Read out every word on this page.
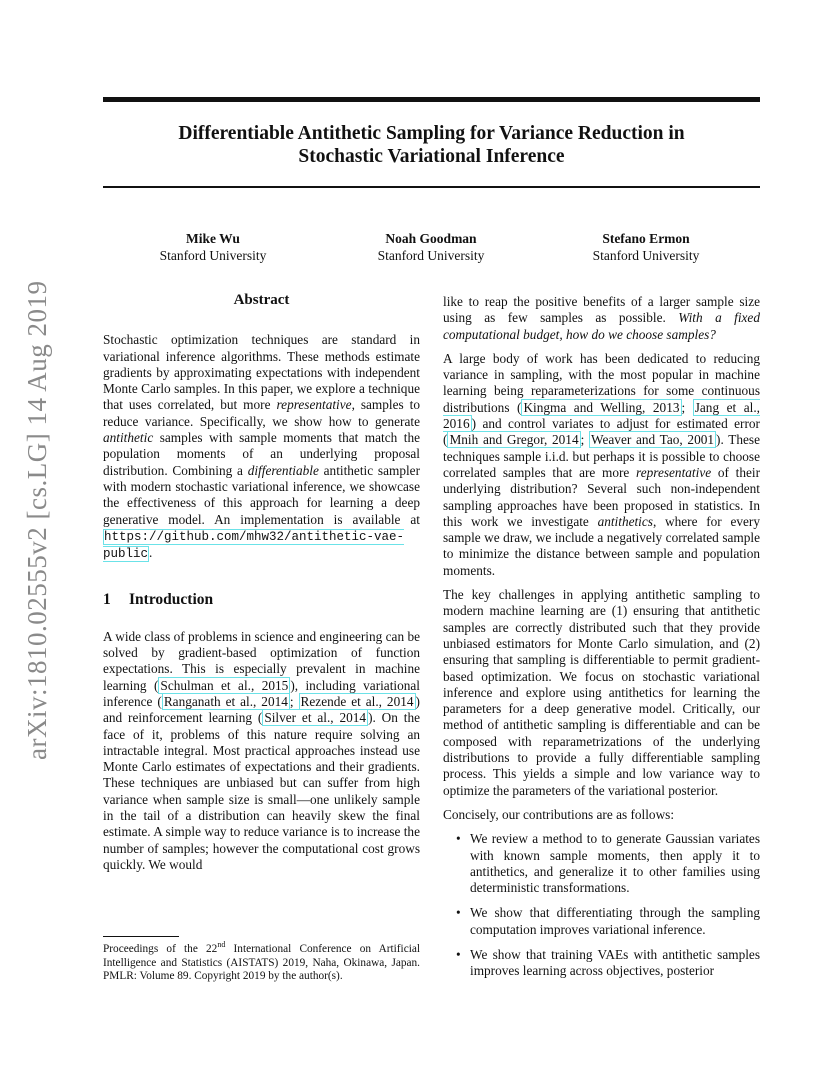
Differentiable Antithetic Sampling for Variance Reduction in
Stochastic Variational Inference
Mike Wu
Stanford University
Noah Goodman
Stanford University
Stefano Ermon
Stanford University
arXiv:1810.02555v2 [cs.LG] 14 Aug 2019	Abstract

Stochastic optimization techniques are standard in variational inference algorithms. These methods estimate gradients by approximating expectations with independent Monte Carlo samples. In this paper, we explore a technique that uses correlated, but more representative, samples to reduce variance. Specifically, we show how to generate antithetic samples with sample moments that match the population moments of an underlying proposal distribution. Combining a differentiable antithetic sampler with modern stochastic variational inference, we showcase the effectiveness of this approach for learning a deep generative model. An implementation is available at https://github.com/mhw32/antithetic-vae-public.

1 Introduction

A wide class of problems in science and engineering can be solved by gradient-based optimization of function expectations. This is especially prevalent in machine learning ( Schulman et al., 2015 ), including variational inference ( Ranganath et al., 2014 ; Rezende et al., 2014 ) and reinforcement learning ( Silver et al., 2014 ). On the face of it, problems of this nature require solving an intractable integral. Most practical approaches instead use Monte Carlo estimates of expectations and their gradients. These techniques are unbiased but can suffer from high variance when sample size is small—one unlikely sample in the tail of a distribution can heavily skew the final estimate. A simple way to reduce variance is to increase the number of samples; however the computational cost grows quickly. We would

Proceedings of the 22nd International Conference on Artificial Intelligence and Statistics (AISTATS) 2019, Naha, Okinawa, Japan. PMLR: Volume 89. Copyright 2019 by the author(s).

like to reap the positive benefits of a larger sample size using as few samples as possible. With a fixed computational budget, how do we choose samples?

A large body of work has been dedicated to reducing variance in sampling, with the most popular in machine learning being reparameterizations for some continuous distributions ( Kingma and Welling, 2013 ; Jang et al., 2016 ) and control variates to adjust for estimated error ( Mnih and Gregor, 2014 ; Weaver and Tao, 2001 ). These techniques sample i.i.d. but perhaps it is possible to choose correlated samples that are more representative of their underlying distribution? Several such non-independent sampling approaches have been proposed in statistics. In this work we investigate antithetics, where for every sample we draw, we include a negatively correlated sample to minimize the distance between sample and population moments.

The key challenges in applying antithetic sampling to modern machine learning are (1) ensuring that antithetic samples are correctly distributed such that they provide unbiased estimators for Monte Carlo simulation, and (2) ensuring that sampling is differentiable to permit gradient-based optimization. We focus on stochastic variational inference and explore using antithetics for learning the parameters for a deep generative model. Critically, our method of antithetic sampling is differentiable and can be composed with reparametrizations of the underlying distributions to provide a fully differentiable sampling process. This yields a simple and low variance way to optimize the parameters of the variational posterior.

Concisely, our contributions are as follows:

• We review a method to to generate Gaussian variates with known sample moments, then apply it to antithetics, and generalize it to other families using deterministic transformations.
• We show that differentiating through the sampling computation improves variational inference.
• We show that training VAEs with antithetic samples improves learning across objectives, posterior
